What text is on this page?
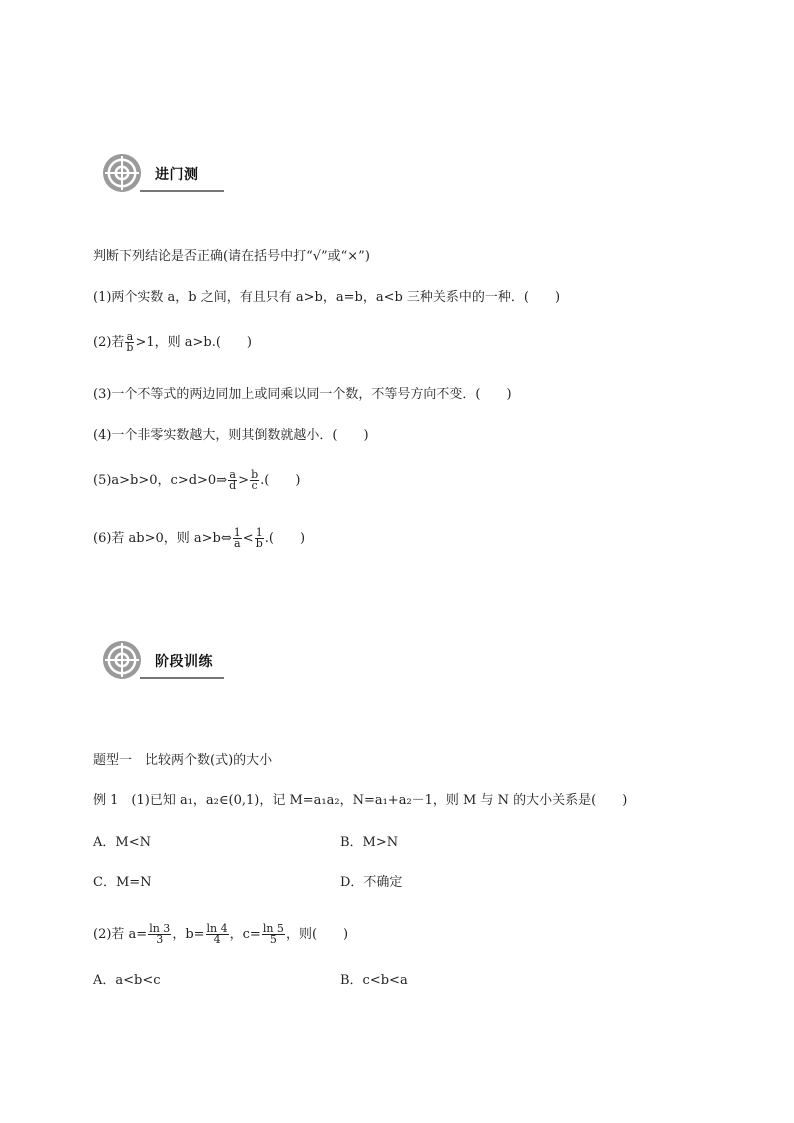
进门测
判断下列结论是否正确(请在括号中打“√”或“×”)
(1)两个实数 a，b 之间，有且只有 a>b，a=b，a<b 三种关系中的一种．(　　)
(2)若 $\frac{a}{b} >1$，则 a>b.(　　)
(3)一个不等式的两边同加上或同乘以同一个数，不等号方向不变．(　　)
(4)一个非零实数越大，则其倒数就越小．(　　)
(5)a>b>0，c>d>0⇒ $\frac{a}{d} > \frac{b}{c}$ .(　　)
(6)若 ab>0，则 a>b⇔ $\frac{1}{a} < \frac{1}{b}$ .(　　)
阶段训练
题型一　比较两个数(式)的大小
例 1　(1)已知 a₁，a₂∈(0,1)，记 M=a₁a₂，N=a₁+a₂－1，则 M 与 N 的大小关系是(　　)
A．M<N	B．M>N
C．M=N	D．不确定
(2)若 $a= \frac{\ln 3}{3}$ ，$b= \frac{\ln 4}{4}$ ，$c= \frac{\ln 5}{5}$ ，则(　　)
A．a<b<c	B．c<b<a
